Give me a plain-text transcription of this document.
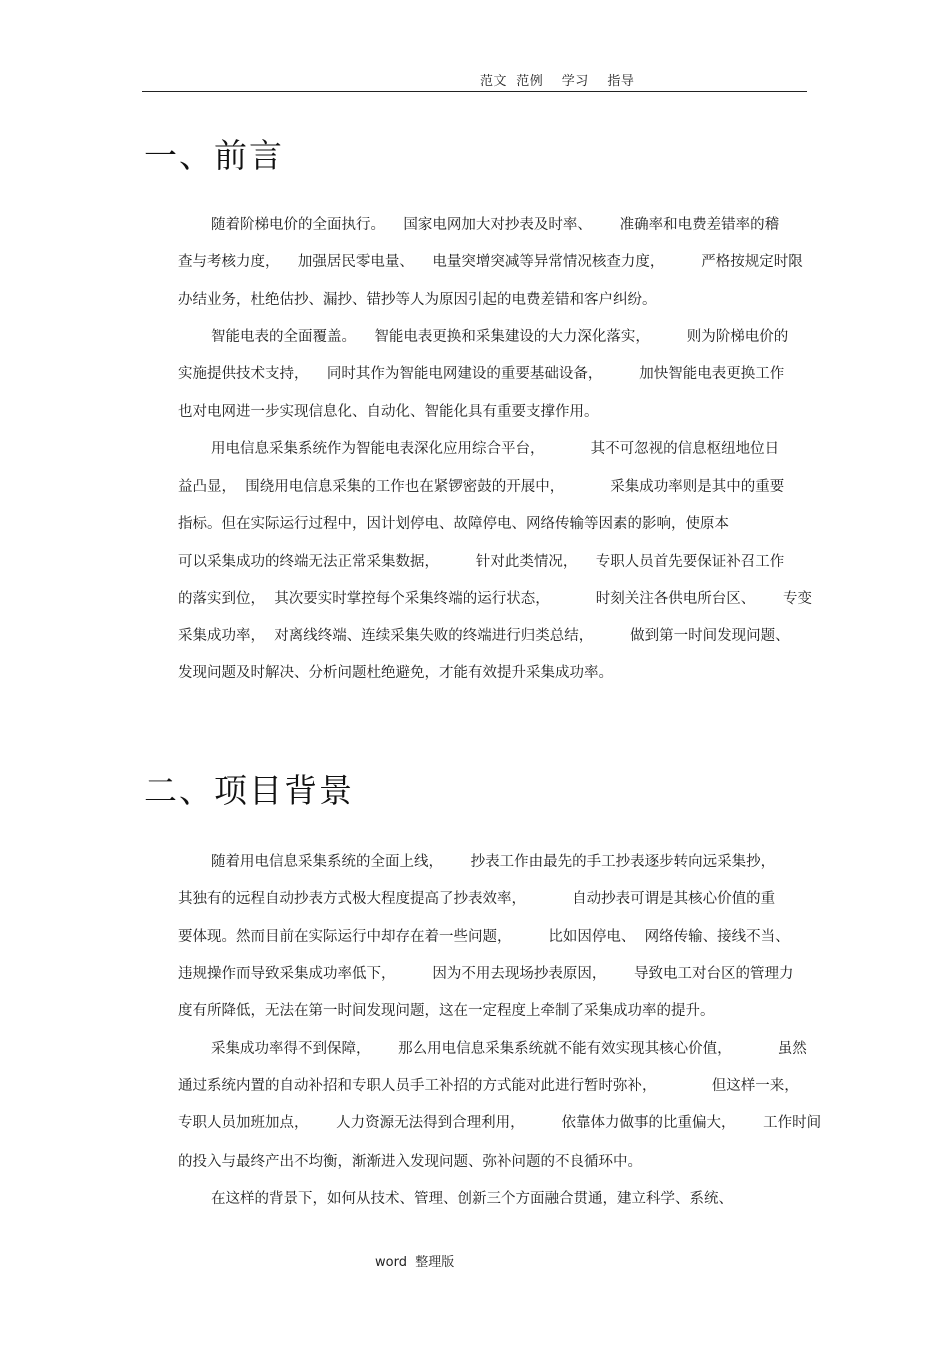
范文  范例    学习    指导
一、前言
随着阶梯电价的全面执行。    国家电网加大对抄表及时率、      准确率和电费差错率的稽
查与考核力度，    加强居民零电量、    电量突增突减等异常情况核查力度，        严格按规定时限
办结业务，杜绝估抄、漏抄、错抄等人为原因引起的电费差错和客户纠纷。
智能电表的全面覆盖。    智能电表更换和采集建设的大力深化落实，        则为阶梯电价的
实施提供技术支持，    同时其作为智能电网建设的重要基础设备，        加快智能电表更换工作
也对电网进一步实现信息化、自动化、智能化具有重要支撑作用。
用电信息采集系统作为智能电表深化应用综合平台，          其不可忽视的信息枢纽地位日
益凸显，  围绕用电信息采集的工作也在紧锣密鼓的开展中，          采集成功率则是其中的重要
指标。但在实际运行过程中，因计划停电、故障停电、网络传输等因素的影响，使原本
可以采集成功的终端无法正常采集数据，        针对此类情况，    专职人员首先要保证补召工作
的落实到位，  其次要实时掌控每个采集终端的运行状态，          时刻关注各供电所台区、      专变
采集成功率，  对离线终端、连续采集失败的终端进行归类总结，        做到第一时间发现问题、
发现问题及时解决、分析问题杜绝避免，才能有效提升采集成功率。
二、项目背景
随着用电信息采集系统的全面上线，      抄表工作由最先的手工抄表逐步转向远采集抄，
其独有的远程自动抄表方式极大程度提高了抄表效率，          自动抄表可谓是其核心价值的重
要体现。然而目前在实际运行中却存在着一些问题，        比如因停电、  网络传输、接线不当、
违规操作而导致采集成功率低下，        因为不用去现场抄表原因，      导致电工对台区的管理力
度有所降低，无法在第一时间发现问题，这在一定程度上牵制了采集成功率的提升。
采集成功率得不到保障，      那么用电信息采集系统就不能有效实现其核心价值，          虽然
通过系统内置的自动补招和专职人员手工补招的方式能对此进行暂时弥补，            但这样一来，
专职人员加班加点，      人力资源无法得到合理利用，        依靠体力做事的比重偏大，      工作时间
的投入与最终产出不均衡，渐渐进入发现问题、弥补问题的不良循环中。
在这样的背景下，如何从技术、管理、创新三个方面融合贯通，建立科学、系统、
word  整理版
